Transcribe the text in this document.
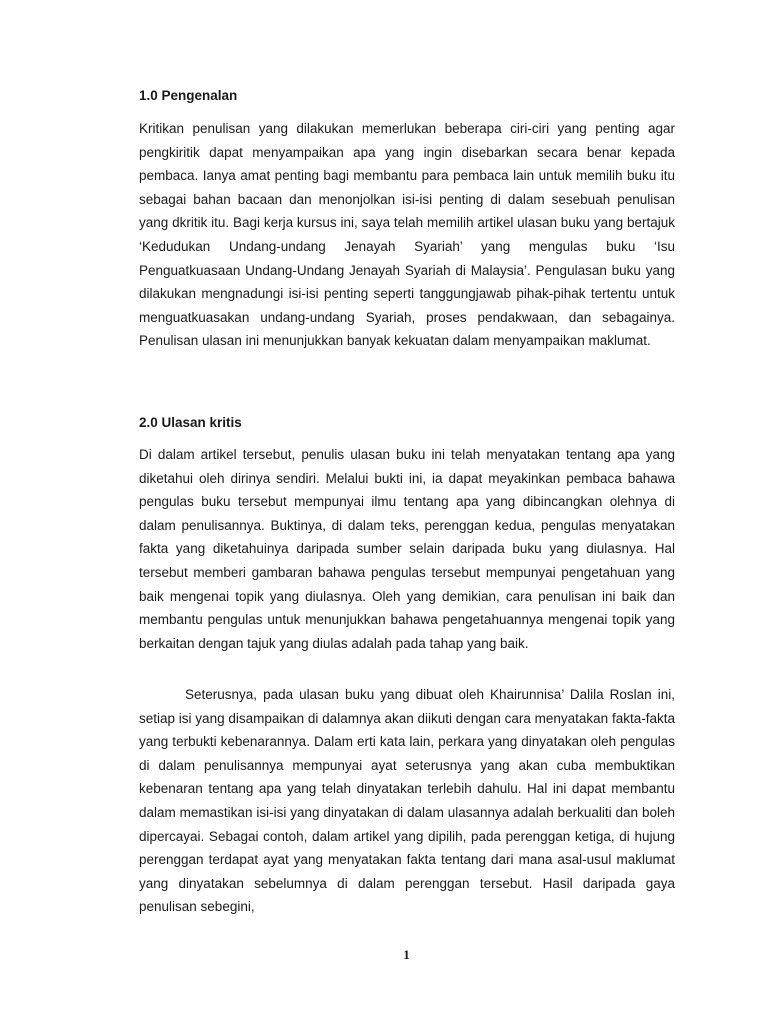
1.0 Pengenalan

Kritikan penulisan yang dilakukan memerlukan beberapa ciri-ciri yang penting agar pengkiritik dapat menyampaikan apa yang ingin disebarkan secara benar kepada pembaca. Ianya amat penting bagi membantu para pembaca lain untuk memilih buku itu sebagai bahan bacaan dan menonjolkan isi-isi penting di dalam sesebuah penulisan yang dkritik itu. Bagi kerja kursus ini, saya telah memilih artikel ulasan buku yang bertajuk ‘Kedudukan Undang-undang Jenayah Syariah’ yang mengulas buku ‘Isu Penguatkuasaan Undang-Undang Jenayah Syariah di Malaysia’. Pengulasan buku yang dilakukan mengnadungi isi-isi penting seperti tanggungjawab pihak-pihak tertentu untuk menguatkuasakan undang-undang Syariah, proses pendakwaan, dan sebagainya. Penulisan ulasan ini menunjukkan banyak kekuatan dalam menyampaikan maklumat.

2.0 Ulasan kritis

Di dalam artikel tersebut, penulis ulasan buku ini telah menyatakan tentang apa yang diketahui oleh dirinya sendiri. Melalui bukti ini, ia dapat meyakinkan pembaca bahawa pengulas buku tersebut mempunyai ilmu tentang apa yang dibincangkan olehnya di dalam penulisannya. Buktinya, di dalam teks, perenggan kedua, pengulas menyatakan fakta yang diketahuinya daripada sumber selain daripada buku yang diulasnya. Hal tersebut memberi gambaran bahawa pengulas tersebut mempunyai pengetahuan yang baik mengenai topik yang diulasnya. Oleh yang demikian, cara penulisan ini baik dan membantu pengulas untuk menunjukkan bahawa pengetahuannya mengenai topik yang berkaitan dengan tajuk yang diulas adalah pada tahap yang baik.

Seterusnya, pada ulasan buku yang dibuat oleh Khairunnisa’ Dalila Roslan ini, setiap isi yang disampaikan di dalamnya akan diikuti dengan cara menyatakan fakta-fakta yang terbukti kebenarannya. Dalam erti kata lain, perkara yang dinyatakan oleh pengulas di dalam penulisannya mempunyai ayat seterusnya yang akan cuba membuktikan kebenaran tentang apa yang telah dinyatakan terlebih dahulu. Hal ini dapat membantu dalam memastikan isi-isi yang dinyatakan di dalam ulasannya adalah berkualiti dan boleh dipercayai. Sebagai contoh, dalam artikel yang dipilih, pada perenggan ketiga, di hujung perenggan terdapat ayat yang menyatakan fakta tentang dari mana asal-usul maklumat yang dinyatakan sebelumnya di dalam perenggan tersebut. Hasil daripada gaya penulisan sebegini,

1
